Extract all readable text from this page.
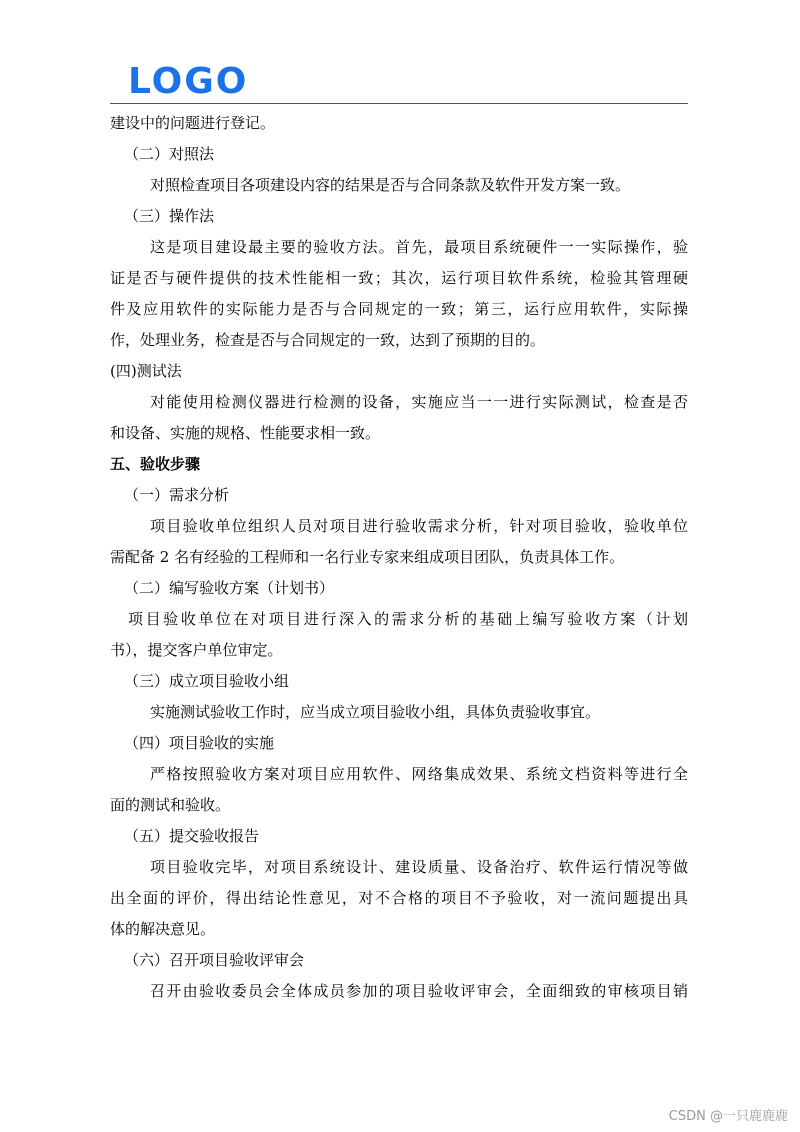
LOGO

建设中的问题进行登记。

（二）对照法

对照检查项目各项建设内容的结果是否与合同条款及软件开发方案一致。

（三）操作法

这是项目建设最主要的验收方法。首先，最项目系统硬件一一实际操作，验

证是否与硬件提供的技术性能相一致；其次，运行项目软件系统，检验其管理硬

件及应用软件的实际能力是否与合同规定的一致；第三，运行应用软件，实际操

作，处理业务，检查是否与合同规定的一致，达到了预期的目的。

(四)测试法

对能使用检测仪器进行检测的设备，实施应当一一进行实际测试，检查是否

和设备、实施的规格、性能要求相一致。

五、验收步骤

（一）需求分析

项目验收单位组织人员对项目进行验收需求分析，针对项目验收，验收单位

需配备 2 名有经验的工程师和一名行业专家来组成项目团队，负责具体工作。

（二）编写验收方案（计划书）

项目验收单位在对项目进行深入的需求分析的基础上编写验收方案（计划

书），提交客户单位审定。

（三）成立项目验收小组

实施测试验收工作时，应当成立项目验收小组，具体负责验收事宜。

（四）项目验收的实施

严格按照验收方案对项目应用软件、网络集成效果、系统文档资料等进行全

面的测试和验收。

（五）提交验收报告

项目验收完毕，对项目系统设计、建设质量、设备治疗、软件运行情况等做

出全面的评价，得出结论性意见，对不合格的项目不予验收，对一流问题提出具

体的解决意见。

（六）召开项目验收评审会

召开由验收委员会全体成员参加的项目验收评审会，全面细致的审核项目销

CSDN @一只鹿鹿鹿
